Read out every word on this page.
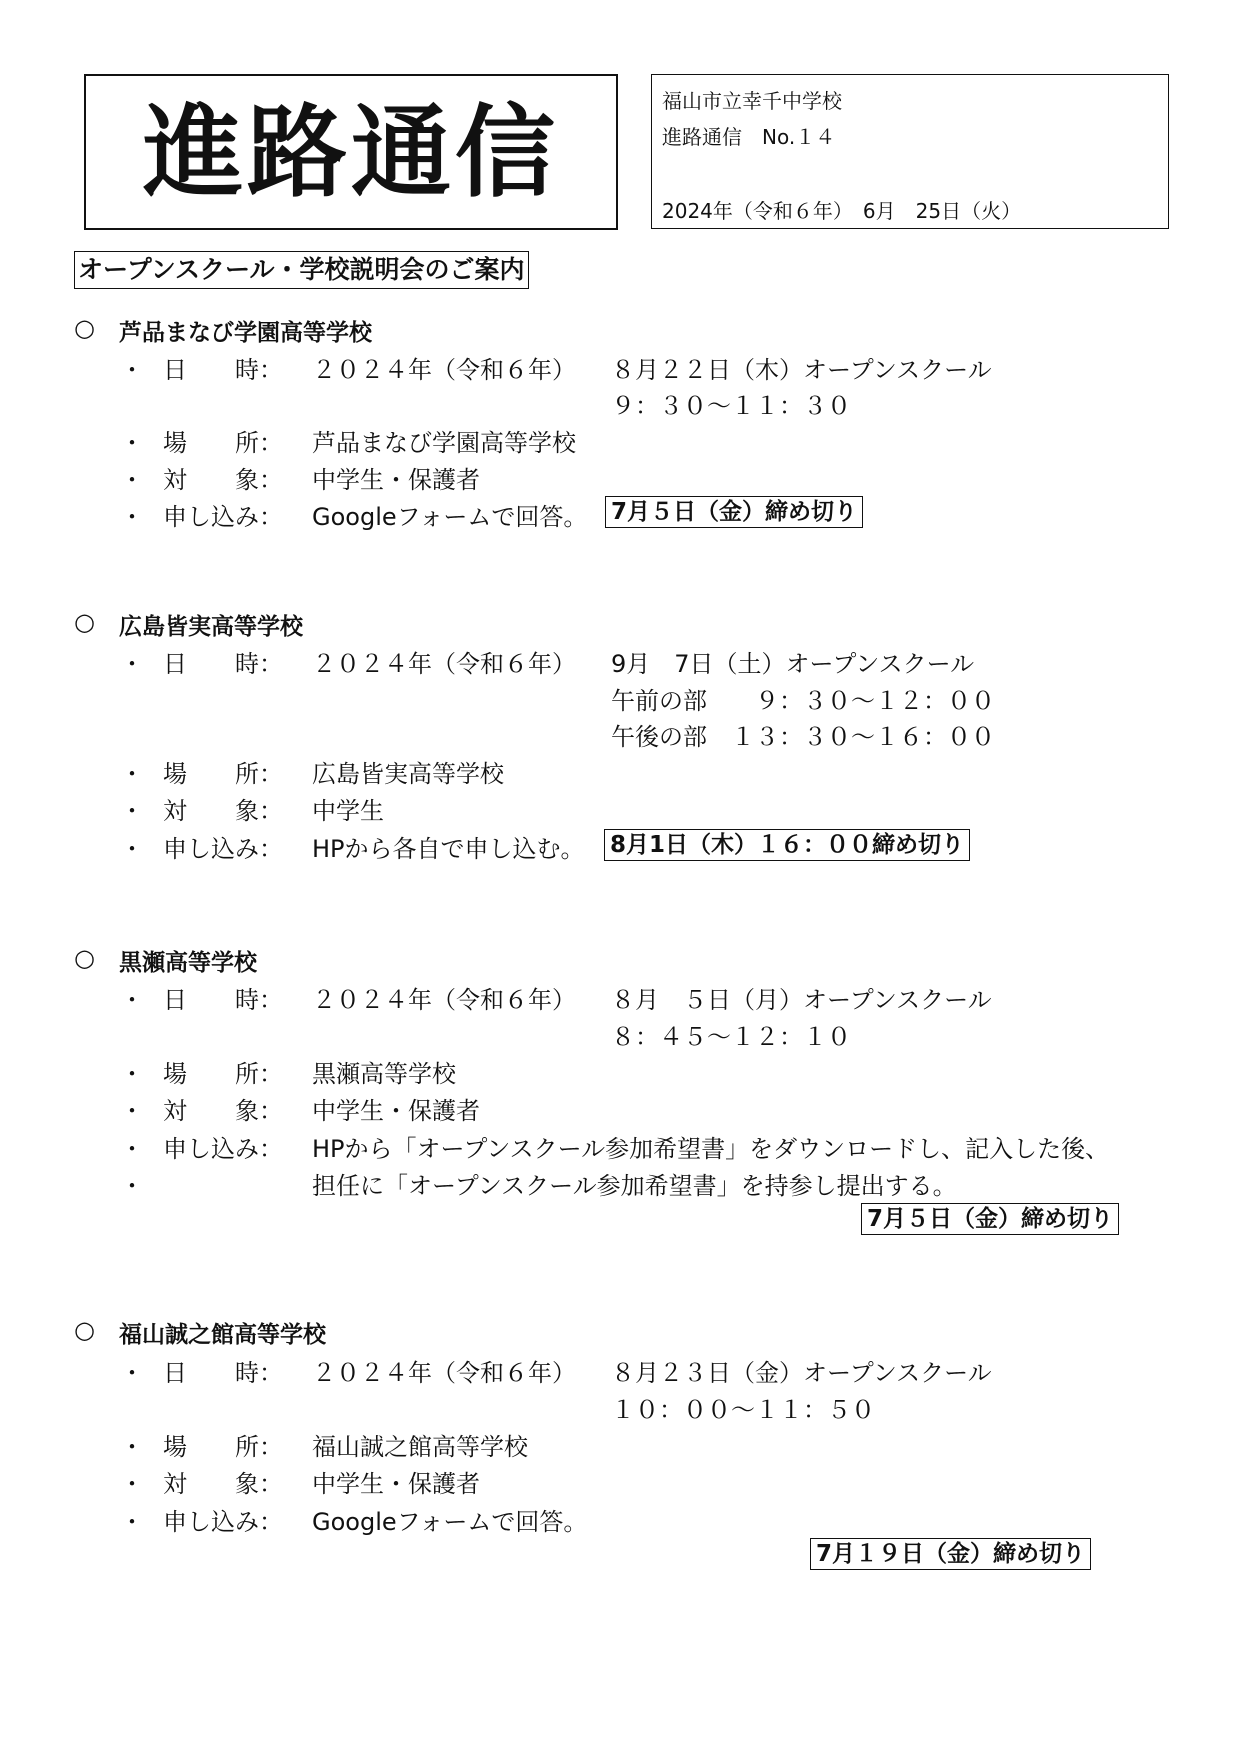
進路通信	福山市立幸千中学校
進路通信　No.１４
2024年（令和６年）　6月　25日（火）
オープンスクール・学校説明会のご案内
○ 芦品まなび学園高等学校
・ 日　　時： ２０２４年（令和６年） ８月２２日（木）オープンスクール
９：３０～１１：３０
・ 場　　所： 芦品まなび学園高等学校
・ 対　　象： 中学生・保護者
・ 申し込み： Googleフォームで回答。 7月５日（金）締め切り
○ 広島皆実高等学校
・ 日　　時： ２０２４年（令和６年） 9月　7日（土）オープンスクール
午前の部　　９：３０～１２：００
午後の部　１３：３０～１６：００
・ 場　　所： 広島皆実高等学校
・ 対　　象： 中学生
・ 申し込み： HPから各自で申し込む。 8月1日（木）１６：００締め切り
○ 黒瀬高等学校
・ 日　　時： ２０２４年（令和６年） ８月　５日（月）オープンスクール
８：４５～１２：１０
・ 場　　所： 黒瀬高等学校
・ 対　　象： 中学生・保護者
・ 申し込み： HPから「オープンスクール参加希望書」をダウンロードし、記入した後、
・	担任に「オープンスクール参加希望書」を持参し提出する。
7月５日（金）締め切り
○ 福山誠之館高等学校
・ 日　　時： ２０２４年（令和６年） ８月２３日（金）オープンスクール
１０：００～１１：５０
・ 場　　所： 福山誠之館高等学校
・ 対　　象： 中学生・保護者
・ 申し込み： Googleフォームで回答。
7月１９日（金）締め切り
